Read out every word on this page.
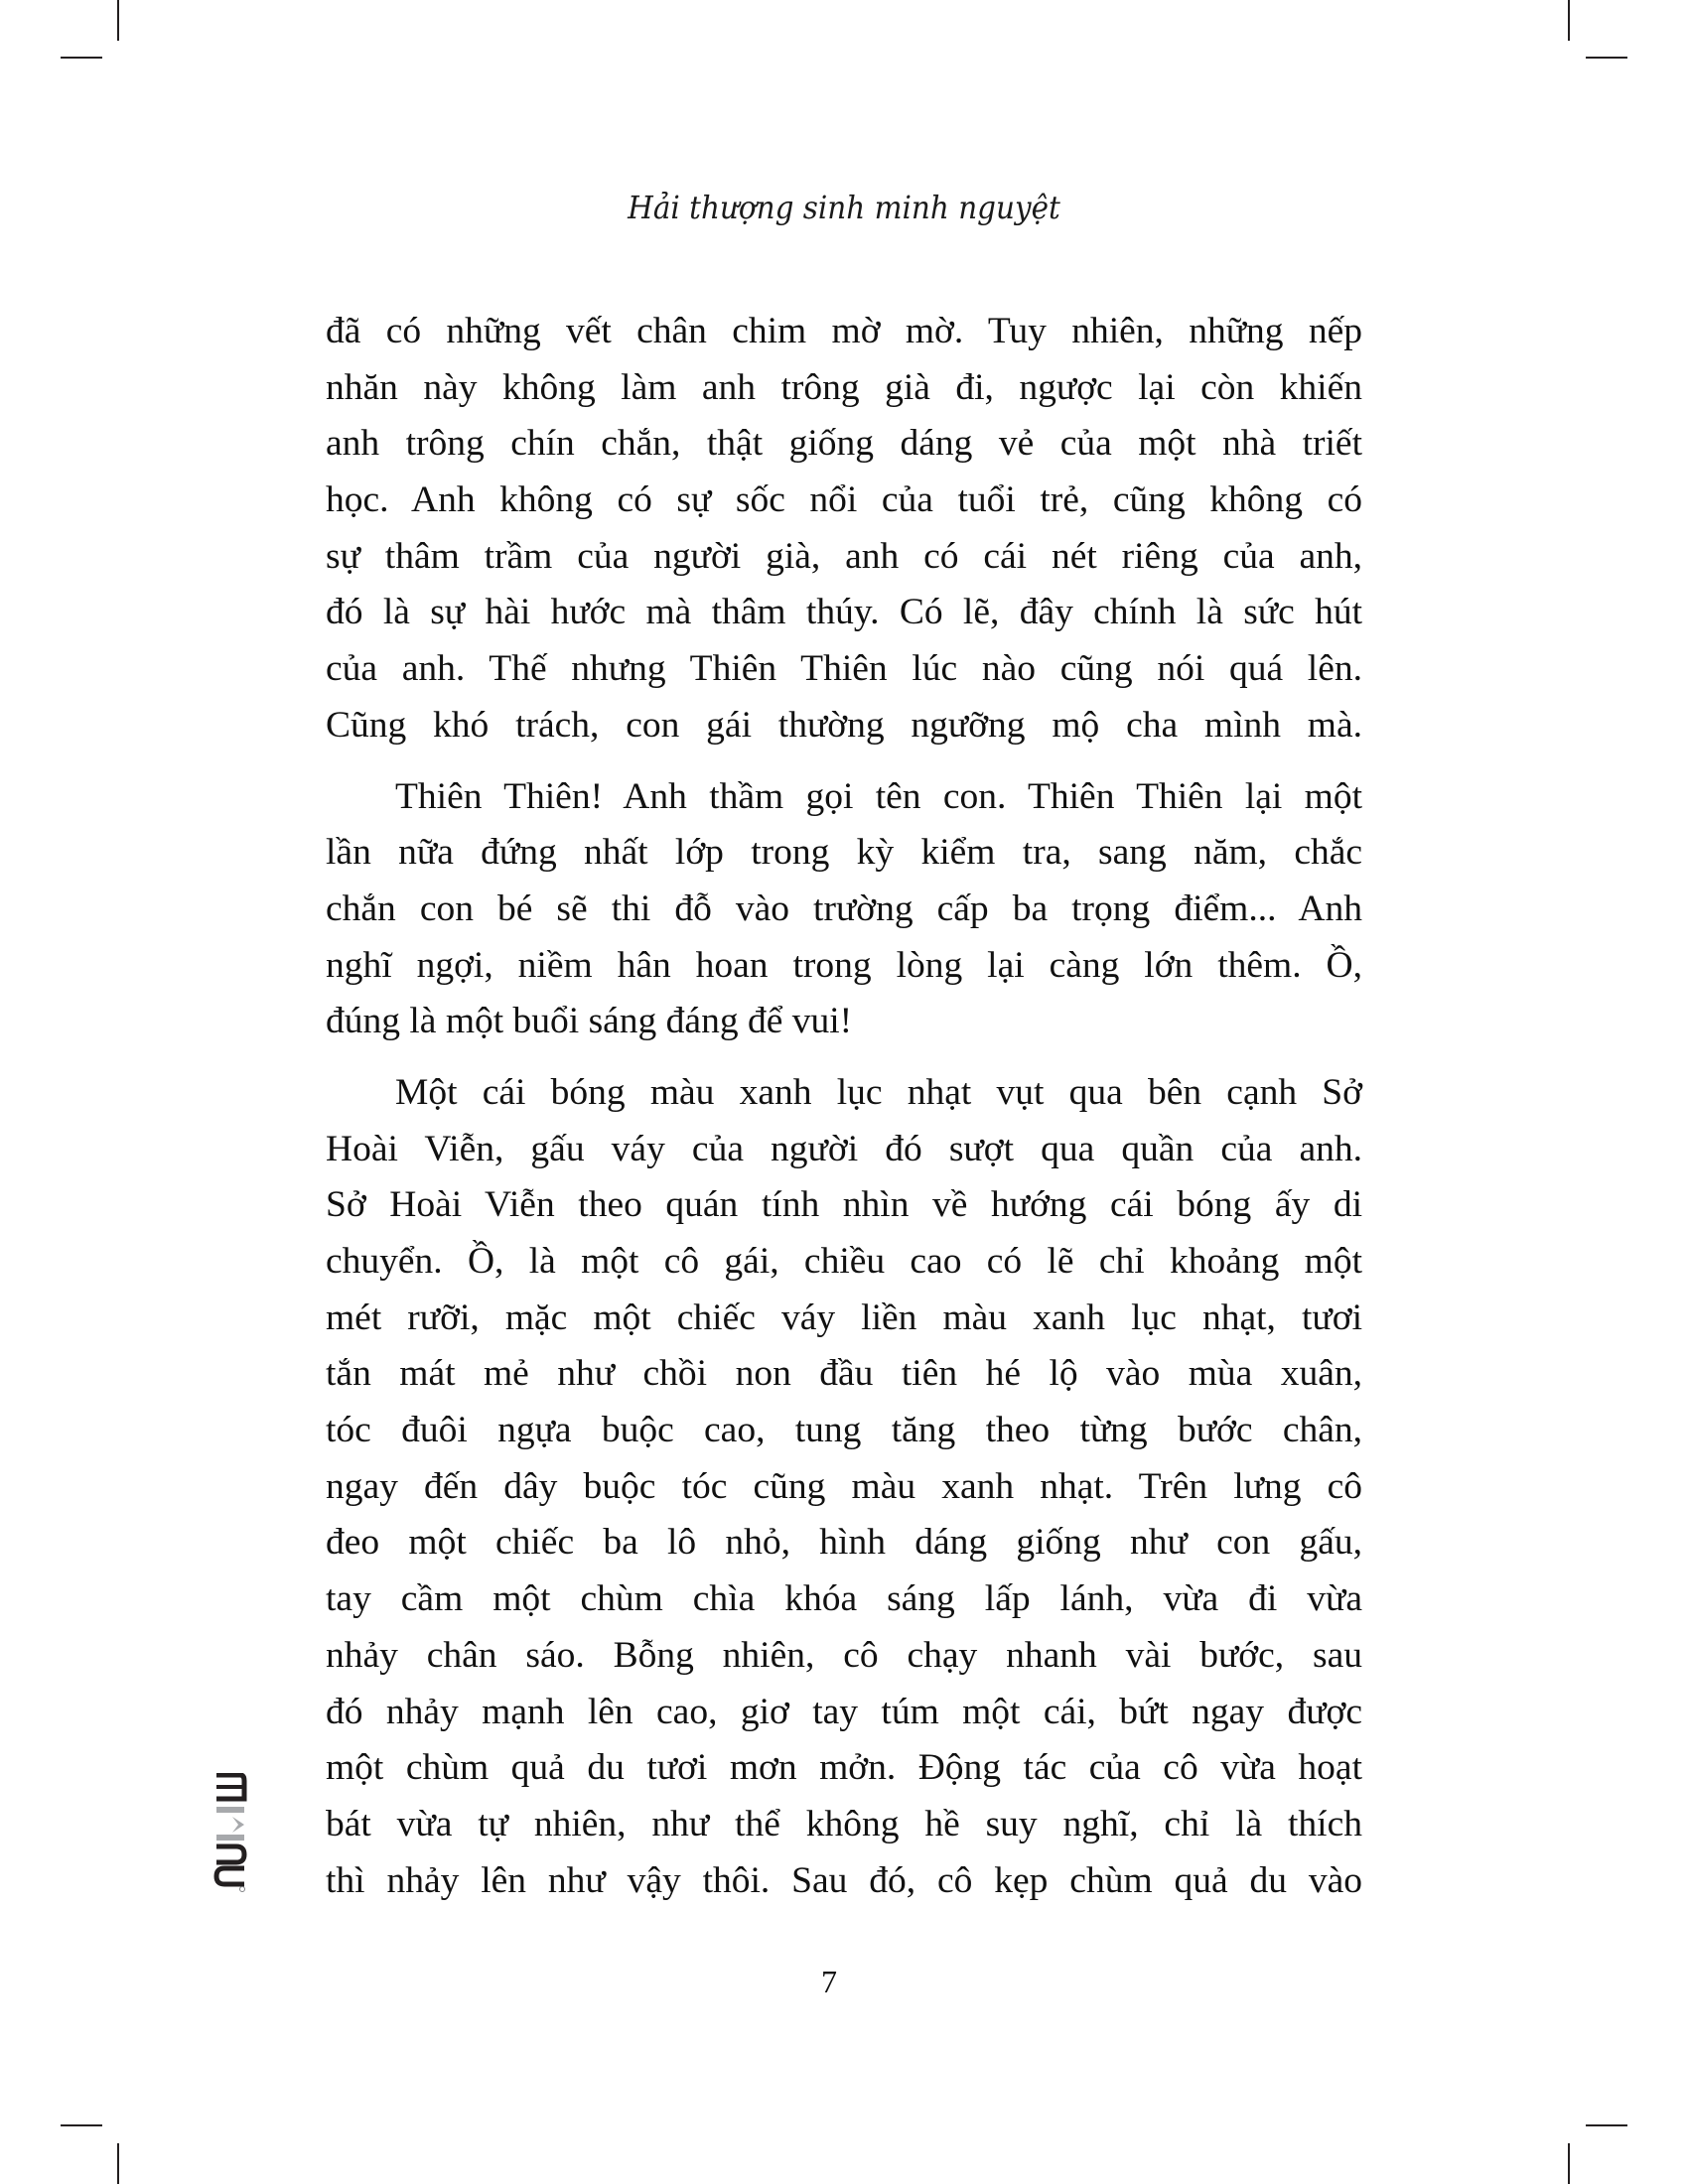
Hải thượng sinh minh nguyệt
đã có những vết chân chim mờ mờ. Tuy nhiên, những nếp
nhăn này không làm anh trông già đi, ngược lại còn khiến
anh trông chín chắn, thật giống dáng vẻ của một nhà triết
học. Anh không có sự sốc nổi của tuổi trẻ, cũng không có
sự thâm trầm của người già, anh có cái nét riêng của anh,
đó là sự hài hước mà thâm thúy. Có lẽ, đây chính là sức hút
của anh. Thế nhưng Thiên Thiên lúc nào cũng nói quá lên.
Cũng khó trách, con gái thường ngưỡng mộ cha mình mà.
Thiên Thiên! Anh thầm gọi tên con. Thiên Thiên lại một
lần nữa đứng nhất lớp trong kỳ kiểm tra, sang năm, chắc
chắn con bé sẽ thi đỗ vào trường cấp ba trọng điểm... Anh
nghĩ ngợi, niềm hân hoan trong lòng lại càng lớn thêm. Ồ,
đúng là một buổi sáng đáng để vui!
Một cái bóng màu xanh lục nhạt vụt qua bên cạnh Sở
Hoài Viễn, gấu váy của người đó sượt qua quần của anh.
Sở Hoài Viễn theo quán tính nhìn về hướng cái bóng ấy di
chuyển. Ồ, là một cô gái, chiều cao có lẽ chỉ khoảng một
mét rưỡi, mặc một chiếc váy liền màu xanh lục nhạt, tươi
tắn mát mẻ như chồi non đầu tiên hé lộ vào mùa xuân,
tóc đuôi ngựa buộc cao, tung tăng theo từng bước chân,
ngay đến dây buộc tóc cũng màu xanh nhạt. Trên lưng cô
đeo một chiếc ba lô nhỏ, hình dáng giống như con gấu,
tay cầm một chùm chìa khóa sáng lấp lánh, vừa đi vừa
nhảy chân sáo. Bỗng nhiên, cô chạy nhanh vài bước, sau
đó nhảy mạnh lên cao, giơ tay túm một cái, bứt ngay được
một chùm quả du tươi mơn mởn. Động tác của cô vừa hoạt
bát vừa tự nhiên, như thể không hề suy nghĩ, chỉ là thích
thì nhảy lên như vậy thôi. Sau đó, cô kẹp chùm quả du vào
7
